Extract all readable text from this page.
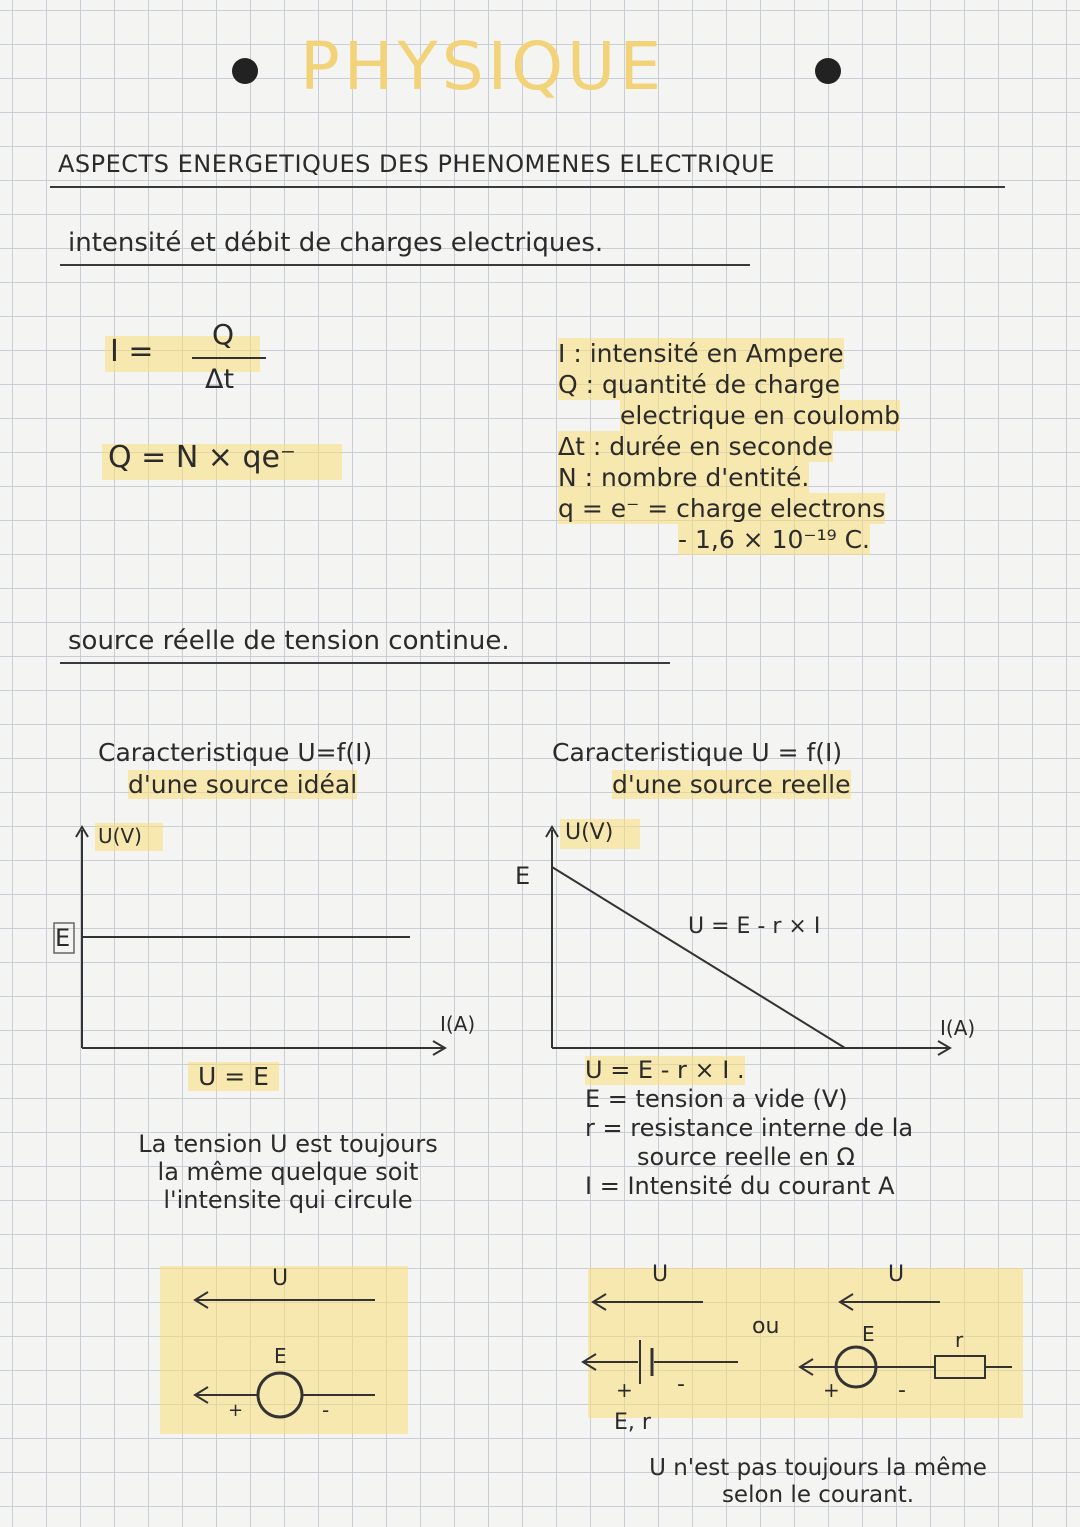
PHYSIQUE
ASPECTS ENERGETIQUES DES PHENOMENES ELECTRIQUE
intensité et débit de charges electriques.
I = Q
Δt
Q = N × qe⁻
I : intensité en Ampere
Q : quantité de charge
electrique en coulomb
Δt : durée en seconde
N : nombre d'entité.
q = e⁻ = charge electrons
- 1,6 × 10⁻¹⁹ C.
source réelle de tension continue.
Caracteristique U=f(I)
d'une source idéal
Caracteristique U = f(I)
d'une source reelle
U(V)
I(A)
E
U = E
La tension U est toujours
la même quelque soit
l'intensite qui circule
U
E
+	-
U(V)
I(A)
E
U = E - r × I
U = E - r × I .

E = tension a vide (V)
r = resistance interne de la
source reelle en Ω
I = Intensité du courant A
U
+ -
E, r
ou
U
E	r
+	-
U n'est pas toujours la même
selon le courant.
